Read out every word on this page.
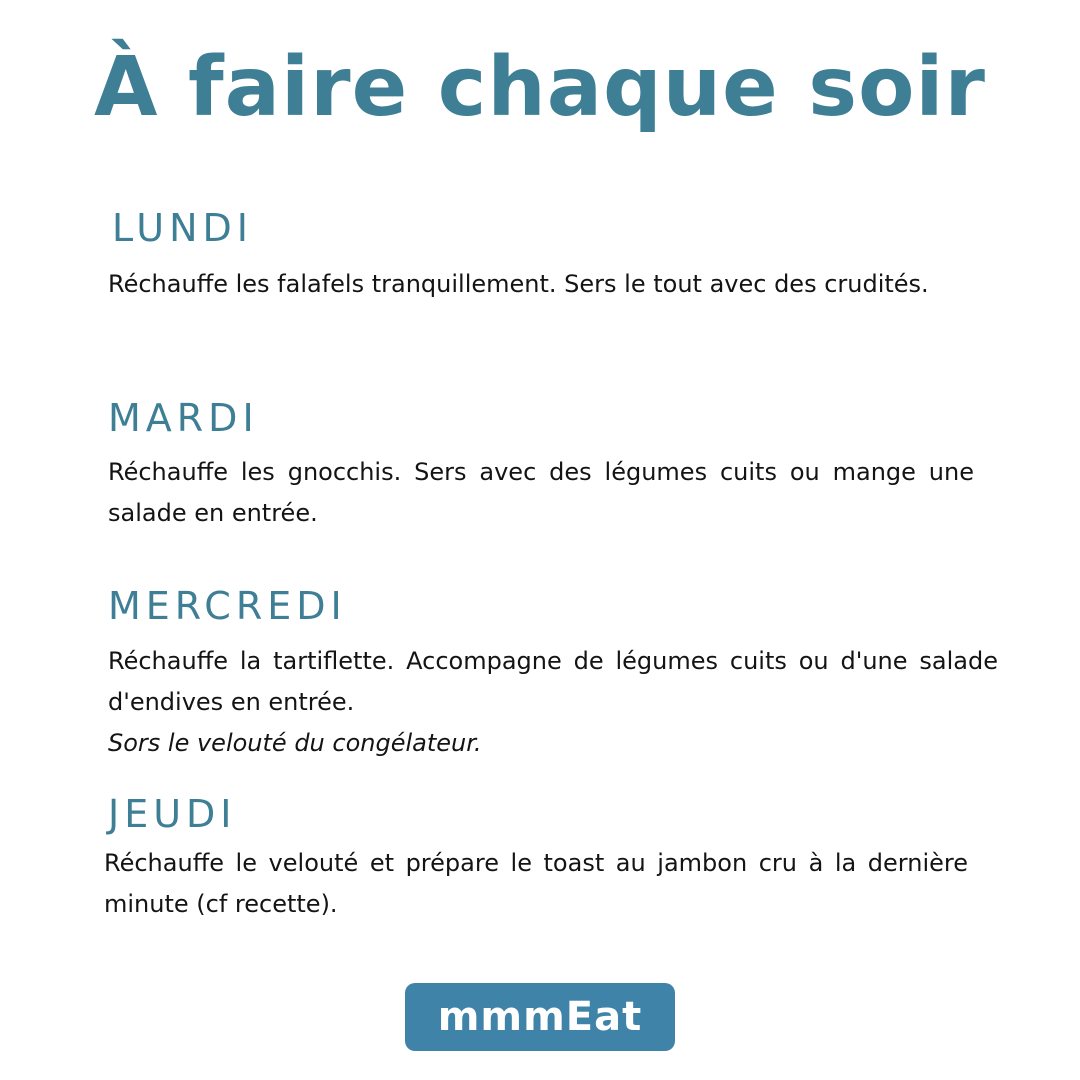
À faire chaque soir
LUNDI

Réchauffe les falafels tranquillement. Sers le tout avec des crudités.

MARDI

Réchauffe les gnocchis. Sers avec des légumes cuits ou mange une salade en entrée.

MERCREDI

Réchauffe la tartiflette. Accompagne de légumes cuits ou d'une salade d'endives en entrée.
Sors le velouté du congélateur.

JEUDI

Réchauffe le velouté et prépare le toast au jambon cru à la dernière minute (cf recette).

mmmEat
